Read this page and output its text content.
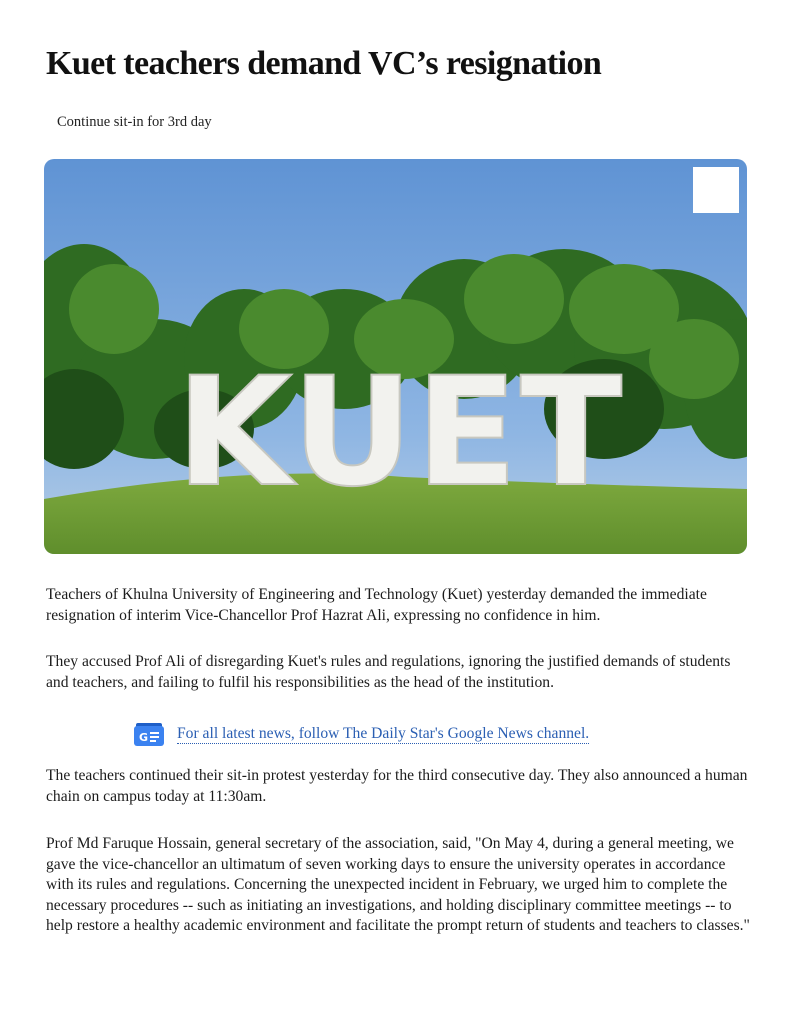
Kuet teachers demand VC’s resignation
Continue sit-in for 3rd day
KUET

Teachers of Khulna University of Engineering and Technology (Kuet) yesterday demanded the immediate resignation of interim Vice-Chancellor Prof Hazrat Ali, expressing no confidence in him.

They accused Prof Ali of disregarding Kuet's rules and regulations, ignoring the justified demands of students and teachers, and failing to fulfil his responsibilities as the head of the institution.

G For all latest news, follow The Daily Star's Google News channel.

The teachers continued their sit-in protest yesterday for the third consecutive day. They also announced a human chain on campus today at 11:30am.

Prof Md Faruque Hossain, general secretary of the association, said, "On May 4, during a general meeting, we gave the vice-chancellor an ultimatum of seven working days to ensure the university operates in accordance with its rules and regulations. Concerning the unexpected incident in February, we urged him to complete the necessary procedures -- such as initiating an investigations, and holding disciplinary committee meetings -- to help restore a healthy academic environment and facilitate the prompt return of students and teachers to classes."
